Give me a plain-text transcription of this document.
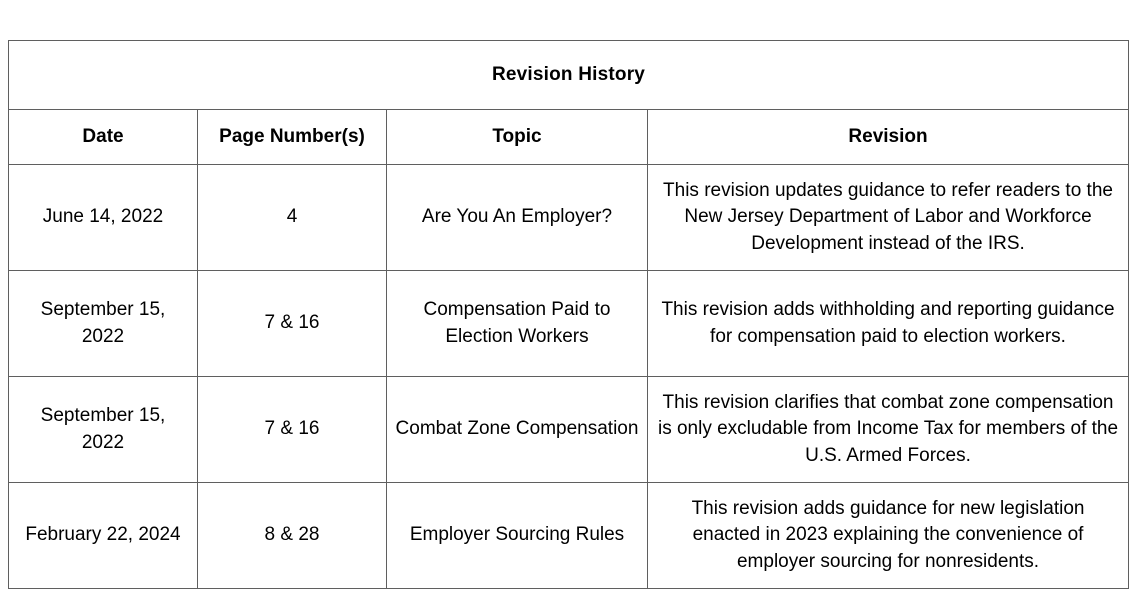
Revision History			
Date	Page Number(s)	Topic	Revision
June 14, 2022	4	Are You An Employer?	This revision updates guidance to refer readers to the New Jersey Department of Labor and Workforce Development instead of the IRS.
September 15, 2022	7 & 16	Compensation Paid to Election Workers	This revision adds withholding and reporting guidance for compensation paid to election workers.
September 15, 2022	7 & 16	Combat Zone Compensation	This revision clarifies that combat zone compensation is only excludable from Income Tax for members of the U.S. Armed Forces.
February 22, 2024	8 & 28	Employer Sourcing Rules	This revision adds guidance for new legislation enacted in 2023 explaining the convenience of employer sourcing for nonresidents.
